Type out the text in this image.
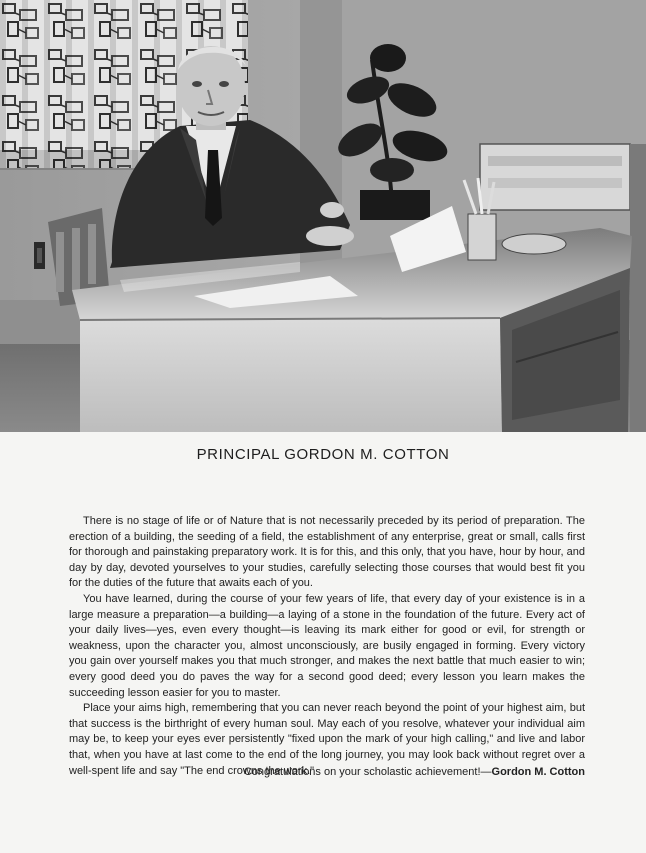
PRINCIPAL GORDON M. COTTON

There is no stage of life or of Nature that is not necessarily preceded by its period of preparation. The erection of a building, the seeding of a field, the establishment of any enterprise, great or small, calls first for thorough and painstaking preparatory work. It is for this, and this only, that you have, hour by hour, and day by day, devoted yourselves to your studies, carefully selecting those courses that would best fit you for the duties of the future that awaits each of you.

You have learned, during the course of your few years of life, that every day of your existence is in a large measure a preparation—a building—a laying of a stone in the foundation of the future. Every act of your daily lives—yes, even every thought—is leaving its mark either for good or evil, for strength or weakness, upon the character you, almost unconsciously, are busily engaged in forming. Every victory you gain over yourself makes you that much stronger, and makes the next battle that much easier to win; every good deed you do paves the way for a second good deed; every lesson you learn makes the succeeding lesson easier for you to master.

Place your aims high, remembering that you can never reach beyond the point of your highest aim, but that success is the birthright of every human soul. May each of you resolve, whatever your individual aim may be, to keep your eyes ever persistently "fixed upon the mark of your high calling," and live and labor that, when you have at last come to the end of the long journey, you may look back without regret over a well-spent life and say "The end crowns the work."

Congratulations on your scholastic achievement!—Gordon M. Cotton
